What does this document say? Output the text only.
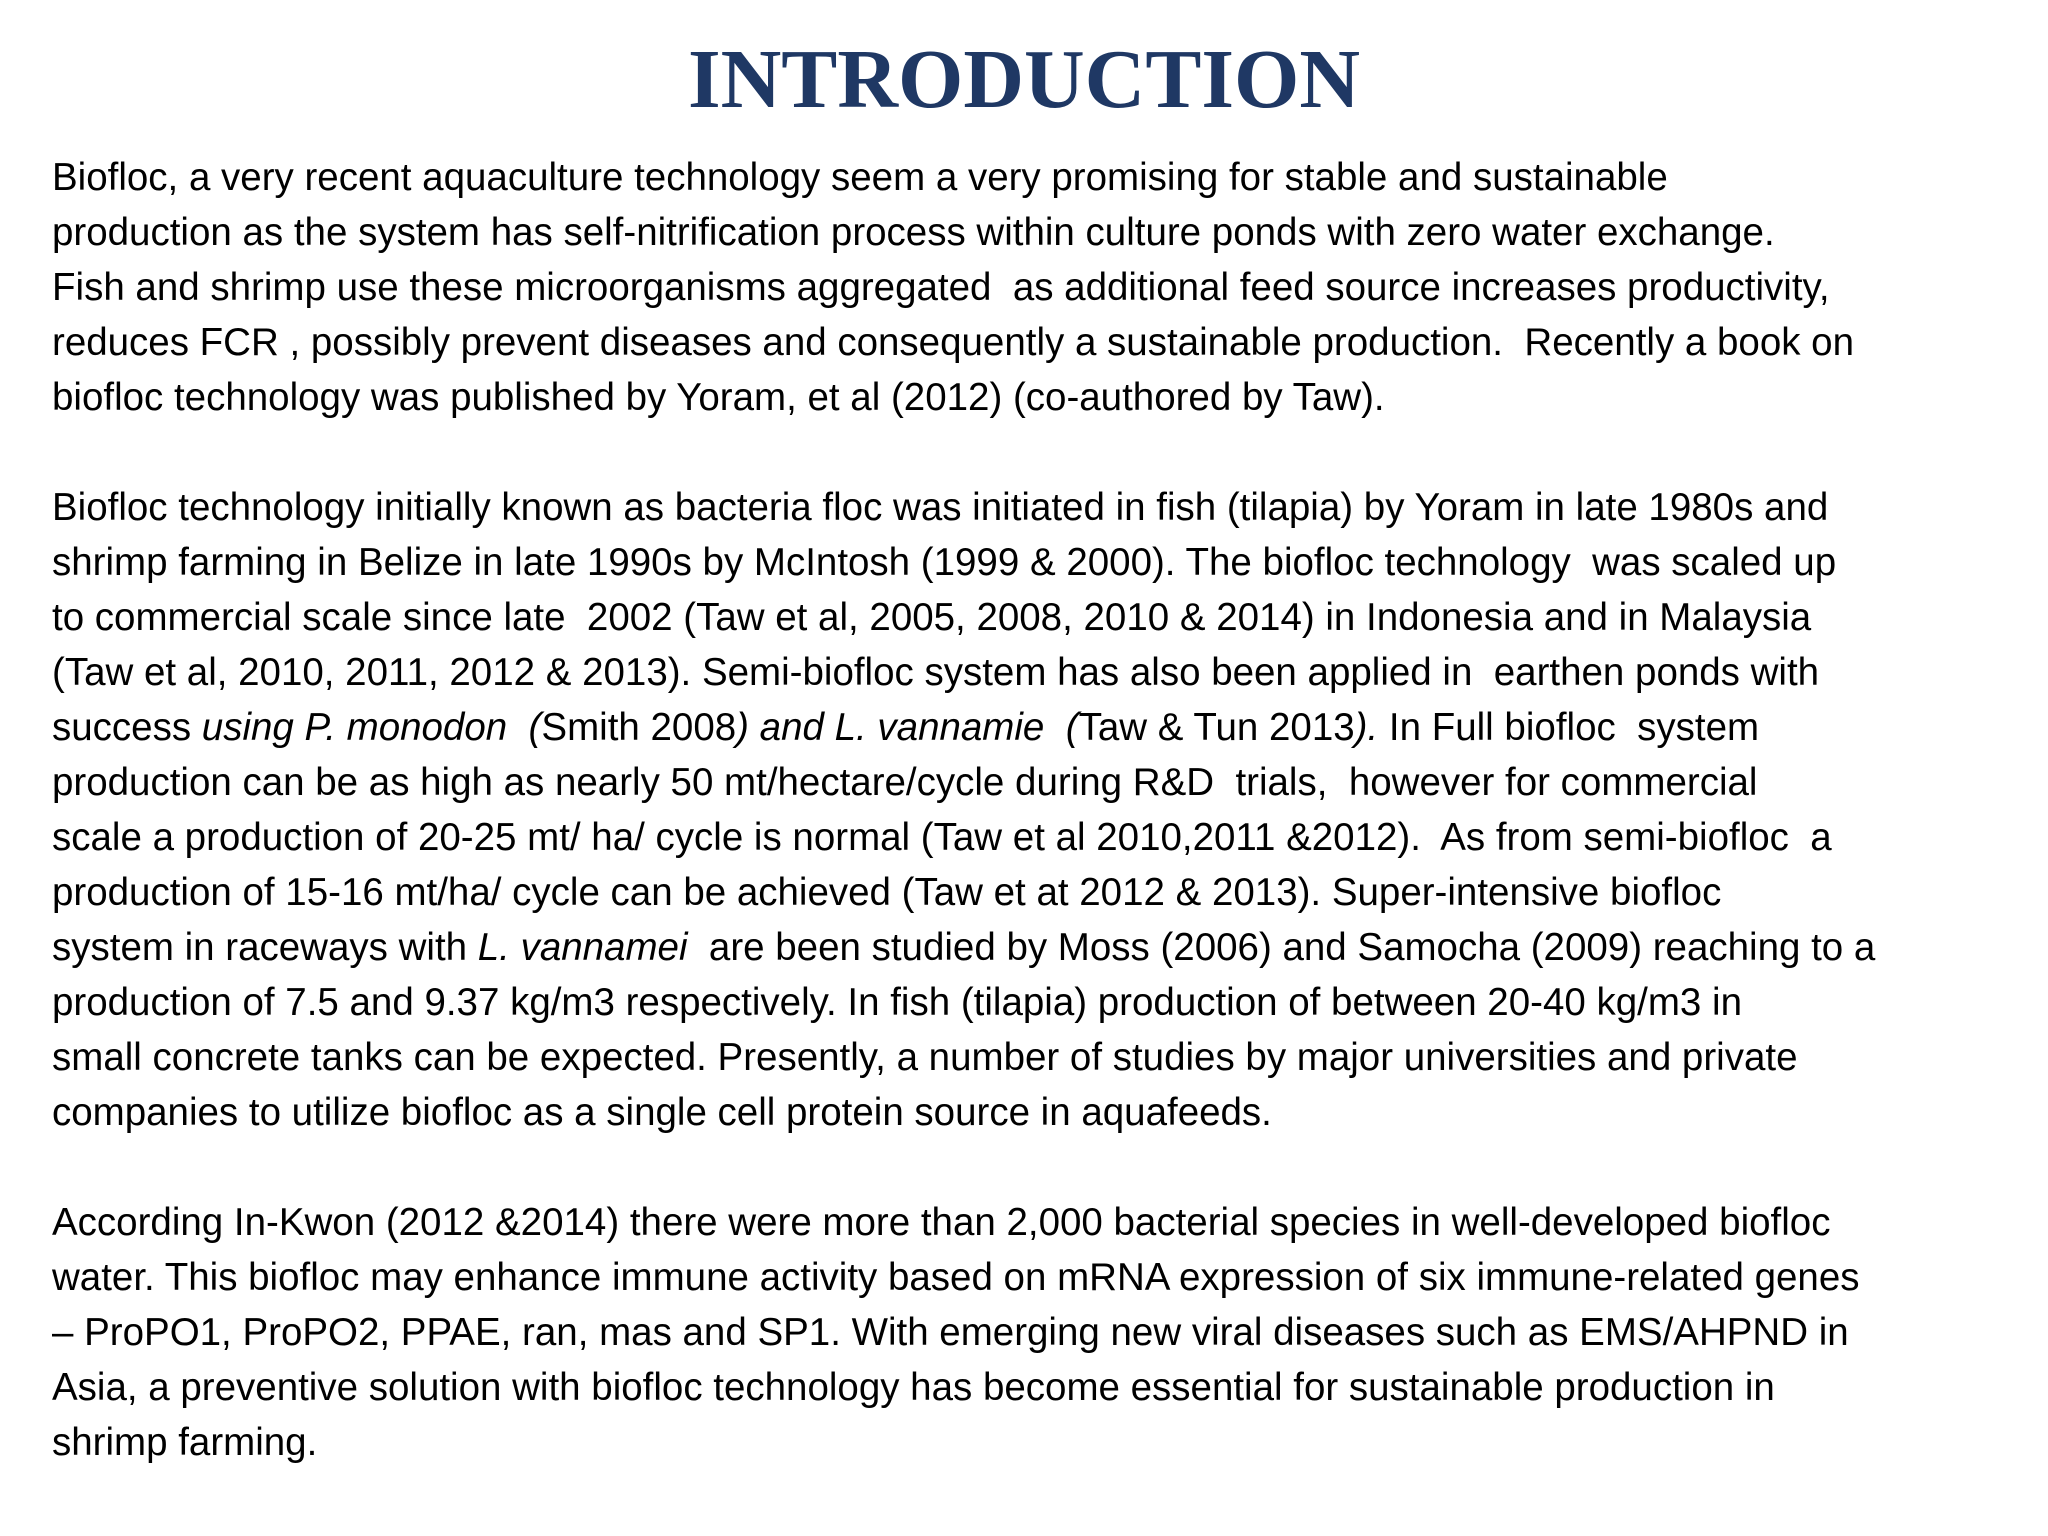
INTRODUCTION

Biofloc, a very recent aquaculture technology seem a very promising for stable and sustainable
production as the system has self-nitrification process within culture ponds with zero water exchange.
Fish and shrimp use these microorganisms aggregated  as additional feed source increases productivity,
reduces FCR , possibly prevent diseases and consequently a sustainable production.  Recently a book on
biofloc technology was published by Yoram, et al (2012) (co-authored by Taw).

Biofloc technology initially known as bacteria floc was initiated in fish (tilapia) by Yoram in late 1980s and
shrimp farming in Belize in late 1990s by McIntosh (1999 & 2000). The biofloc technology  was scaled up
to commercial scale since late  2002 (Taw et al, 2005, 2008, 2010 & 2014) in Indonesia and in Malaysia
(Taw et al, 2010, 2011, 2012 & 2013). Semi-biofloc system has also been applied in  earthen ponds with
success using P. monodon  (Smith 2008) and L. vannamie  (Taw & Tun 2013). In Full biofloc  system
production can be as high as nearly 50 mt/hectare/cycle during R&D  trials,  however for commercial
scale a production of 20-25 mt/ ha/ cycle is normal (Taw et al 2010,2011 &2012).  As from semi-biofloc  a
production of 15-16 mt/ha/ cycle can be achieved (Taw et at 2012 & 2013). Super-intensive biofloc
system in raceways with L. vannamei  are been studied by Moss (2006) and Samocha (2009) reaching to a
production of 7.5 and 9.37 kg/m3 respectively. In fish (tilapia) production of between 20-40 kg/m3 in
small concrete tanks can be expected. Presently, a number of studies by major universities and private
companies to utilize biofloc as a single cell protein source in aquafeeds.

According In-Kwon (2012 &2014) there were more than 2,000 bacterial species in well-developed biofloc
water. This biofloc may enhance immune activity based on mRNA expression of six immune-related genes
– ProPO1, ProPO2, PPAE, ran, mas and SP1. With emerging new viral diseases such as EMS/AHPND in
Asia, a preventive solution with biofloc technology has become essential for sustainable production in
shrimp farming.
